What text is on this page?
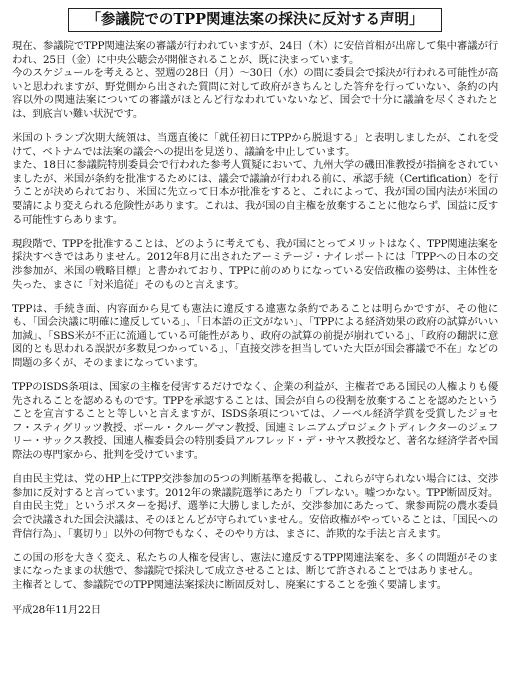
「参議院でのTPP関連法案の採決に反対する声明」
現在、参議院でTPP関連法案の審議が行われていますが、24日（木）に安倍首相が出席して集中審議が行われ、25日（金）に中央公聴会が開催されることが、既に決まっています。
今のスケジュールを考えると、翌週の28日（月）～30日（水）の間に委員会で採決が行われる可能性が高いと思われますが、野党側から出された質問に対して政府がきちんとした答弁を行っていない、条約の内容以外の関連法案についての審議がほとんど行なわれていないなど、国会で十分に議論を尽くされたとは、到底言い難い状況です。
米国のトランプ次期大統領は、当選直後に「就任初日にTPPから脱退する」と表明しましたが、これを受けて、ベトナムでは法案の議会への提出を見送り、議論を中止しています。
また、18日に参議院特別委員会で行われた参考人質疑において、九州大学の磯田准教授が指摘をされていましたが、米国が条約を批准するためには、議会で議論が行われる前に、承認手続（Certification）を行うことが決められており、米国に先立って日本が批准をすると、これによって、我が国の国内法が米国の要請により変えられる危険性があります。これは、我が国の自主権を放棄することに他ならず、国益に反する可能性すらあります。
現段階で、TPPを批准することは、どのように考えても、我が国にとってメリットはなく、TPP関連法案を採決すべきではありません。2012年8月に出されたアーミテージ・ナイレポートには「TPPへの日本の交渉参加が、米国の戦略目標」と書かれており、TPPに前のめりになっている安倍政権の姿勢は、主体性を失った、まさに「対米追従」そのものと言えます。
TPPは、手続き面、内容面から見ても憲法に違反する違憲な条約であることは明らかですが、その他にも、「国会決議に明確に違反している」、「日本語の正文がない」、「TPPによる経済効果の政府の試算がいい加減」、「SBS米が不正に流通している可能性があり、政府の試算の前提が崩れている」、「政府の翻訳に意図的とも思われる誤訳が多数見つかっている」、「直接交渉を担当していた大臣が国会審議で不在」などの問題の多くが、そのままになっています。
TPPのISDS条項は、国家の主権を侵害するだけでなく、企業の利益が、主権者である国民の人権よりも優先されることを認めるものです。TPPを承認することは、国会が自らの役割を放棄することを認めたということを宣言することと等しいと言えますが、ISDS条項については、ノーベル経済学賞を受賞したジョセフ・スティグリッツ教授、ポール・クルーグマン教授、国連ミレニアムプロジェクトディレクターのジェフリー・サックス教授、国連人権委員会の特別委員アルフレッド・デ・サヤス教授など、著名な経済学者や国際法の専門家から、批判を受けています。
自由民主党は、党のHP上にTPP交渉参加の5つの判断基準を掲載し、これらが守られない場合には、交渉参加に反対すると言っています。2012年の衆議院選挙にあたり「ブレない。嘘つかない。TPP断固反対。自由民主党」というポスターを掲げ、選挙に大勝しましたが、交渉参加にあたって、衆参両院の農水委員会で決議された国会決議は、そのほとんどが守られていません。安倍政権がやっていることは、「国民への背信行為」、「裏切り」以外の何物でもなく、そのやり方は、まさに、詐欺的な手法と言えます。
この国の形を大きく変え、私たちの人権を侵害し、憲法に違反するTPP関連法案を、多くの問題がそのままになったままの状態で、参議院で採決して成立させることは、断じて許されることではありません。
主権者として、参議院でのTPP関連法案採決に断固反対し、廃案にすることを強く要請します。
平成28年11月22日
